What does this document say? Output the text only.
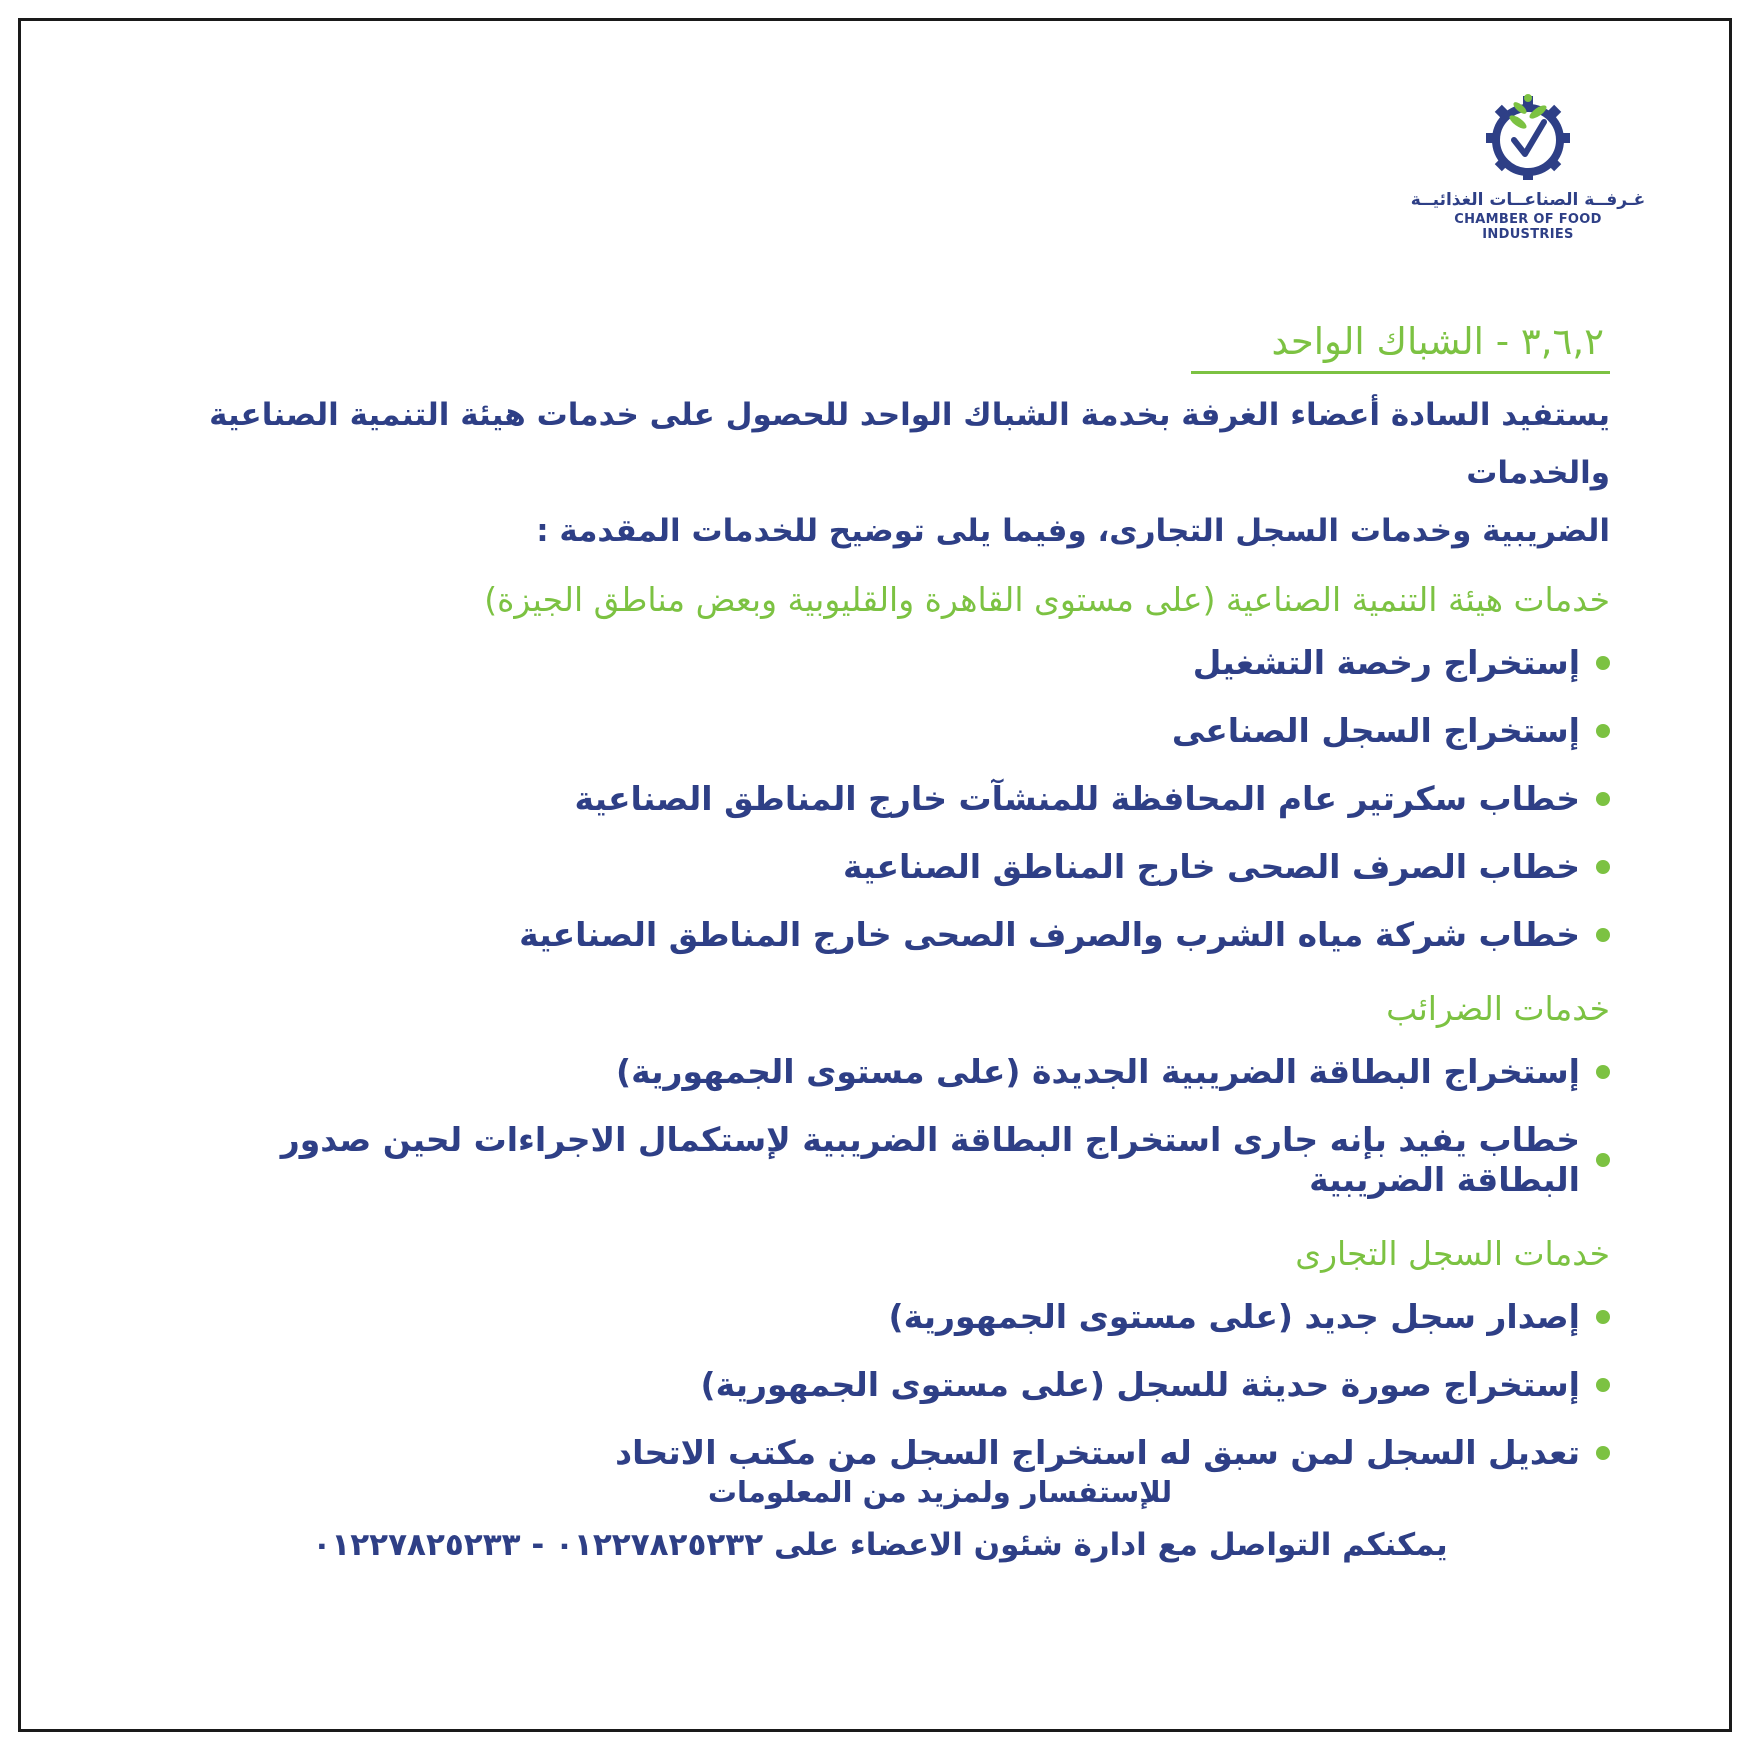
غـرفــة الصناعــات الغذائيــة
CHAMBER OF FOOD INDUSTRIES
٣,٦,٢ - الشباك الواحد
يستفيد السادة أعضاء الغرفة بخدمة الشباك الواحد للحصول على خدمات هيئة التنمية الصناعية والخدمات
الضريبية وخدمات السجل التجارى، وفيما يلى توضيح للخدمات المقدمة :
خدمات هيئة التنمية الصناعية (على مستوى القاهرة والقليوبية وبعض مناطق الجيزة)
إستخراج رخصة التشغيل
إستخراج السجل الصناعى
خطاب سكرتير عام المحافظة للمنشآت خارج المناطق الصناعية
خطاب الصرف الصحى خارج المناطق الصناعية
خطاب شركة مياه الشرب والصرف الصحى خارج المناطق الصناعية
خدمات الضرائب
إستخراج البطاقة الضريبية الجديدة (على مستوى الجمهورية)
خطاب يفيد بإنه جارى استخراج البطاقة الضريبية لإستكمال الاجراءات لحين صدور البطاقة الضريبية
خدمات السجل التجارى
إصدار سجل جديد (على مستوى الجمهورية)
إستخراج صورة حديثة للسجل (على مستوى الجمهورية)
تعديل السجل لمن سبق له استخراج السجل من مكتب الاتحاد
للإستفسار ولمزيد من المعلومات
يمكنكم التواصل مع ادارة شئون الاعضاء على ٠١٢٢٧٨٢٥٢٣٢ - ٠١٢٢٧٨٢٥٢٣٣
